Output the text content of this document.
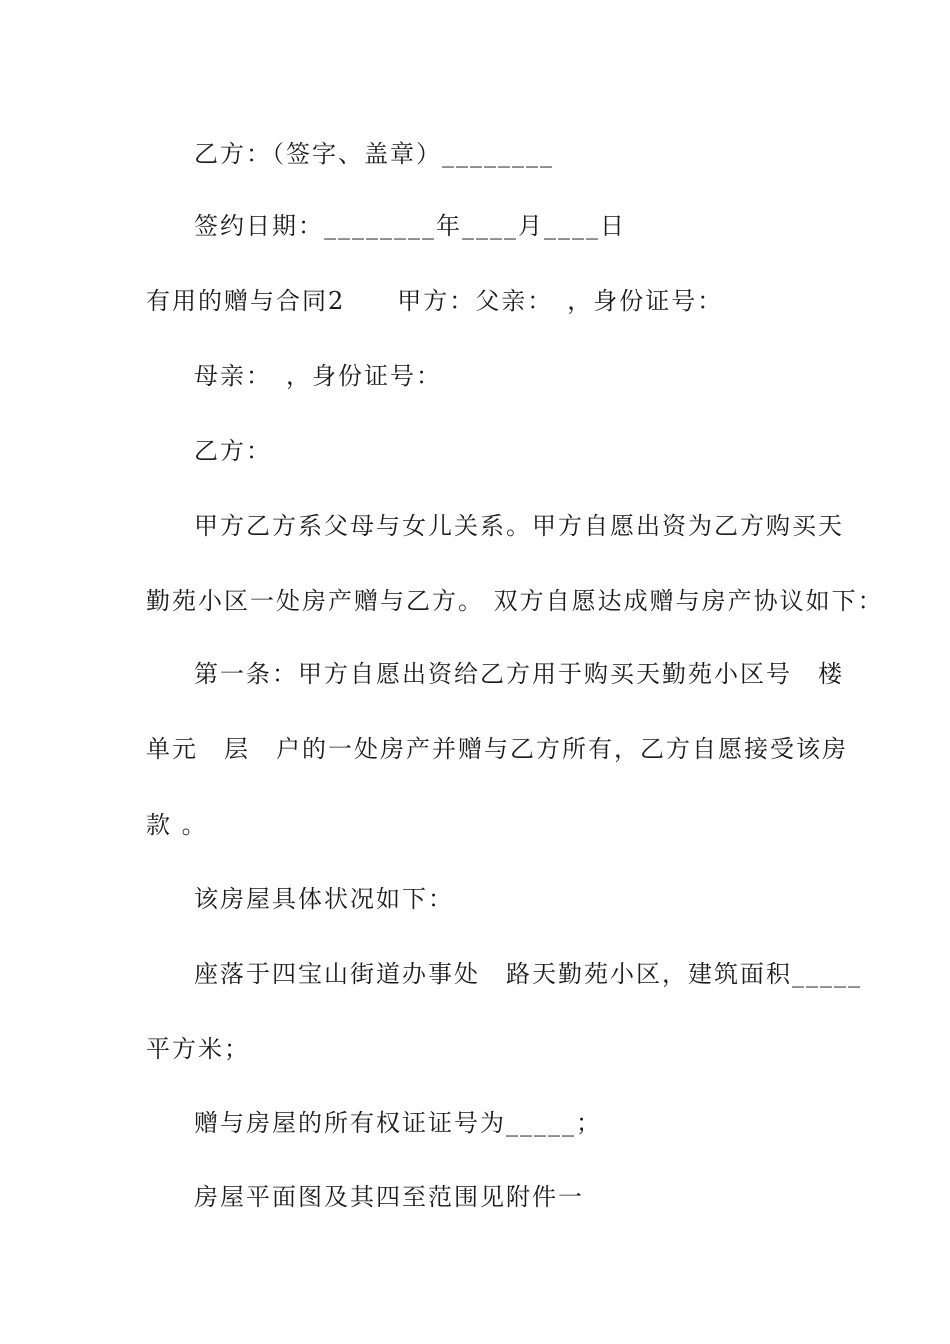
乙方：（签字、盖章）________
签约日期：________年____月____日
有用的赠与合同2　　甲方：父亲：　，身份证号：
母亲：　，身份证号：
乙方：
甲方乙方系父母与女儿关系。甲方自愿出资为乙方购买天
勤苑小区一处房产赠与乙方。 双方自愿达成赠与房产协议如下：
第一条：甲方自愿出资给乙方用于购买天勤苑小区号　楼
单元　层　户的一处房产并赠与乙方所有，乙方自愿接受该房
款 。
该房屋具体状况如下：
座落于四宝山街道办事处　路天勤苑小区，建筑面积_____
平方米；
赠与房屋的所有权证证号为_____；
房屋平面图及其四至范围见附件一
